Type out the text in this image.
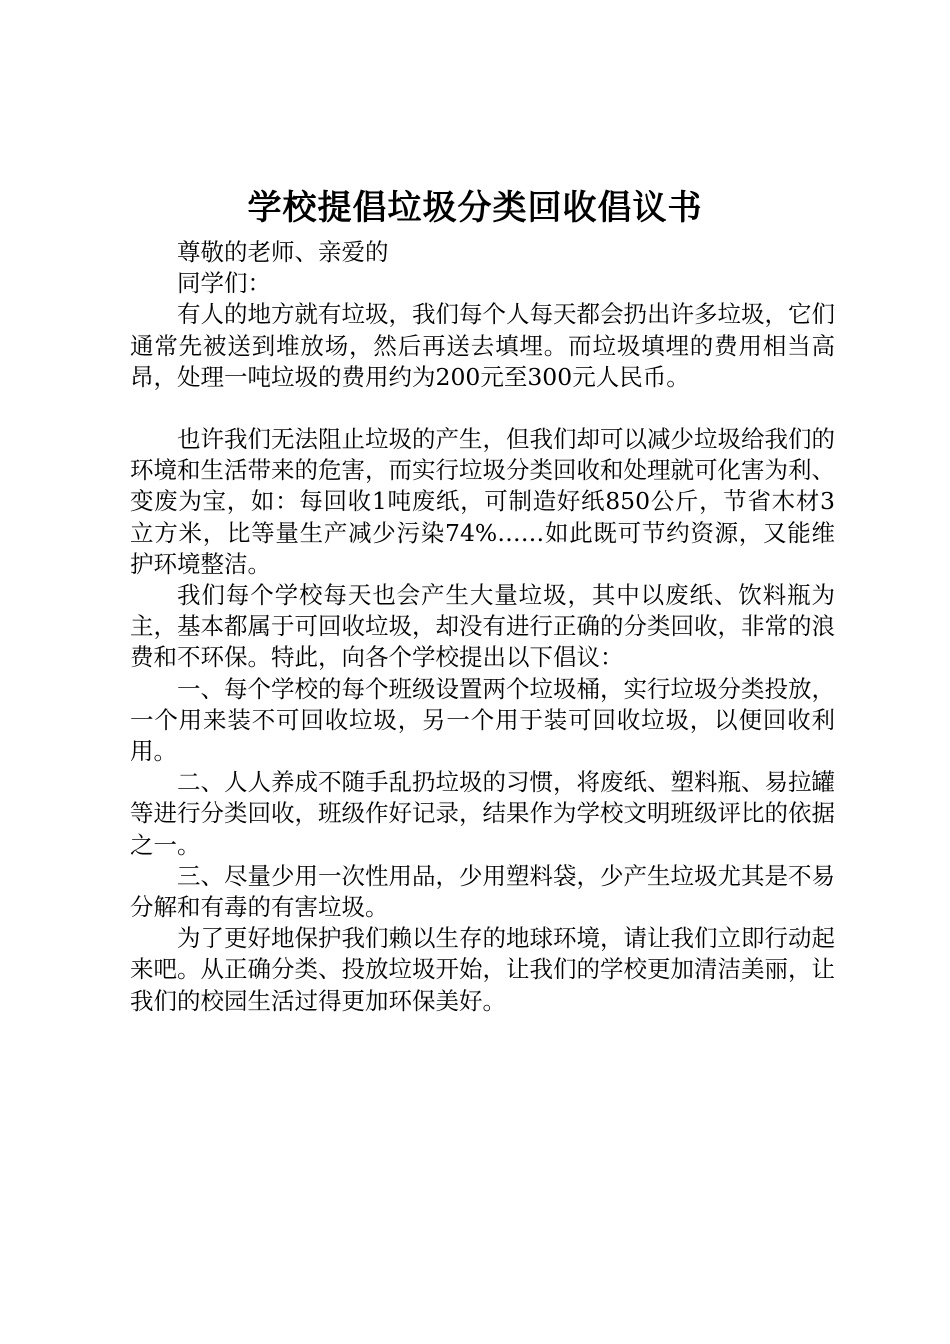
学校提倡垃圾分类回收倡议书

尊敬的老师、亲爱的

同学们：

有人的地方就有垃圾，我们每个人每天都会扔出许多垃圾，它们通常先被送到堆放场，然后再送去填埋。而垃圾填埋的费用相当高昂，处理一吨垃圾的费用约为200元至300元人民币。

也许我们无法阻止垃圾的产生，但我们却可以减少垃圾给我们的环境和生活带来的危害，而实行垃圾分类回收和处理就可化害为利、变废为宝，如：每回收1吨废纸，可制造好纸850公斤，节省木材3立方米，比等量生产减少污染74%……如此既可节约资源，又能维护环境整洁。

我们每个学校每天也会产生大量垃圾，其中以废纸、饮料瓶为主，基本都属于可回收垃圾，却没有进行正确的分类回收，非常的浪费和不环保。特此，向各个学校提出以下倡议：

一、每个学校的每个班级设置两个垃圾桶，实行垃圾分类投放，一个用来装不可回收垃圾，另一个用于装可回收垃圾，以便回收利用。

二、人人养成不随手乱扔垃圾的习惯，将废纸、塑料瓶、易拉罐等进行分类回收，班级作好记录，结果作为学校文明班级评比的依据之一。

三、尽量少用一次性用品，少用塑料袋，少产生垃圾尤其是不易分解和有毒的有害垃圾。

为了更好地保护我们赖以生存的地球环境，请让我们立即行动起来吧。从正确分类、投放垃圾开始，让我们的学校更加清洁美丽，让我们的校园生活过得更加环保美好。
